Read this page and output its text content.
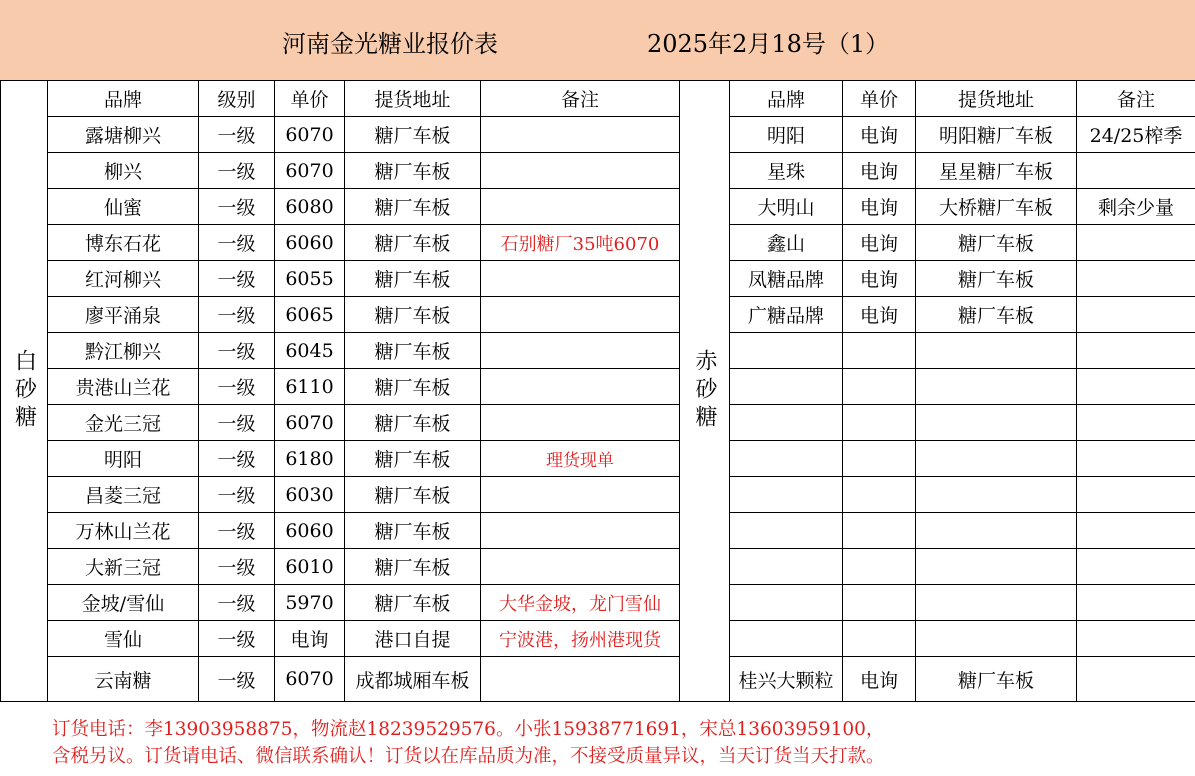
河南金光糖业报价表	2025年2月18号（1）
白砂糖	品牌	级别	单价	提货地址	备注	赤砂糖	品牌	单价	提货地址	备注
	露塘柳兴	一级	6070	糖厂车板			明阳	电询	明阳糖厂车板	24/25榨季
	柳兴	一级	6070	糖厂车板			星珠	电询	星星糖厂车板	
	仙蜜	一级	6080	糖厂车板			大明山	电询	大桥糖厂车板	剩余少量
	博东石花	一级	6060	糖厂车板	石别糖厂35吨6070		鑫山	电询	糖厂车板	
	红河柳兴	一级	6055	糖厂车板			凤糖品牌	电询	糖厂车板	
	廖平涌泉	一级	6065	糖厂车板			广糖品牌	电询	糖厂车板	
	黔江柳兴	一级	6045	糖厂车板						
	贵港山兰花	一级	6110	糖厂车板						
	金光三冠	一级	6070	糖厂车板						
	明阳	一级	6180	糖厂车板	理货现单					
	昌菱三冠	一级	6030	糖厂车板						
	万林山兰花	一级	6060	糖厂车板						
	大新三冠	一级	6010	糖厂车板						
	金坡/雪仙	一级	5970	糖厂车板	大华金坡，龙门雪仙					
	雪仙	一级	电询	港口自提	宁波港，扬州港现货					
	云南糖	一级	6070	成都城厢车板			桂兴大颗粒	电询	糖厂车板	
订货电话：李13903958875，物流赵18239529576。小张15938771691，宋总13603959100，
含税另议。订货请电话、微信联系确认！订货以在库品质为准，不接受质量异议，当天订货当天打款。
